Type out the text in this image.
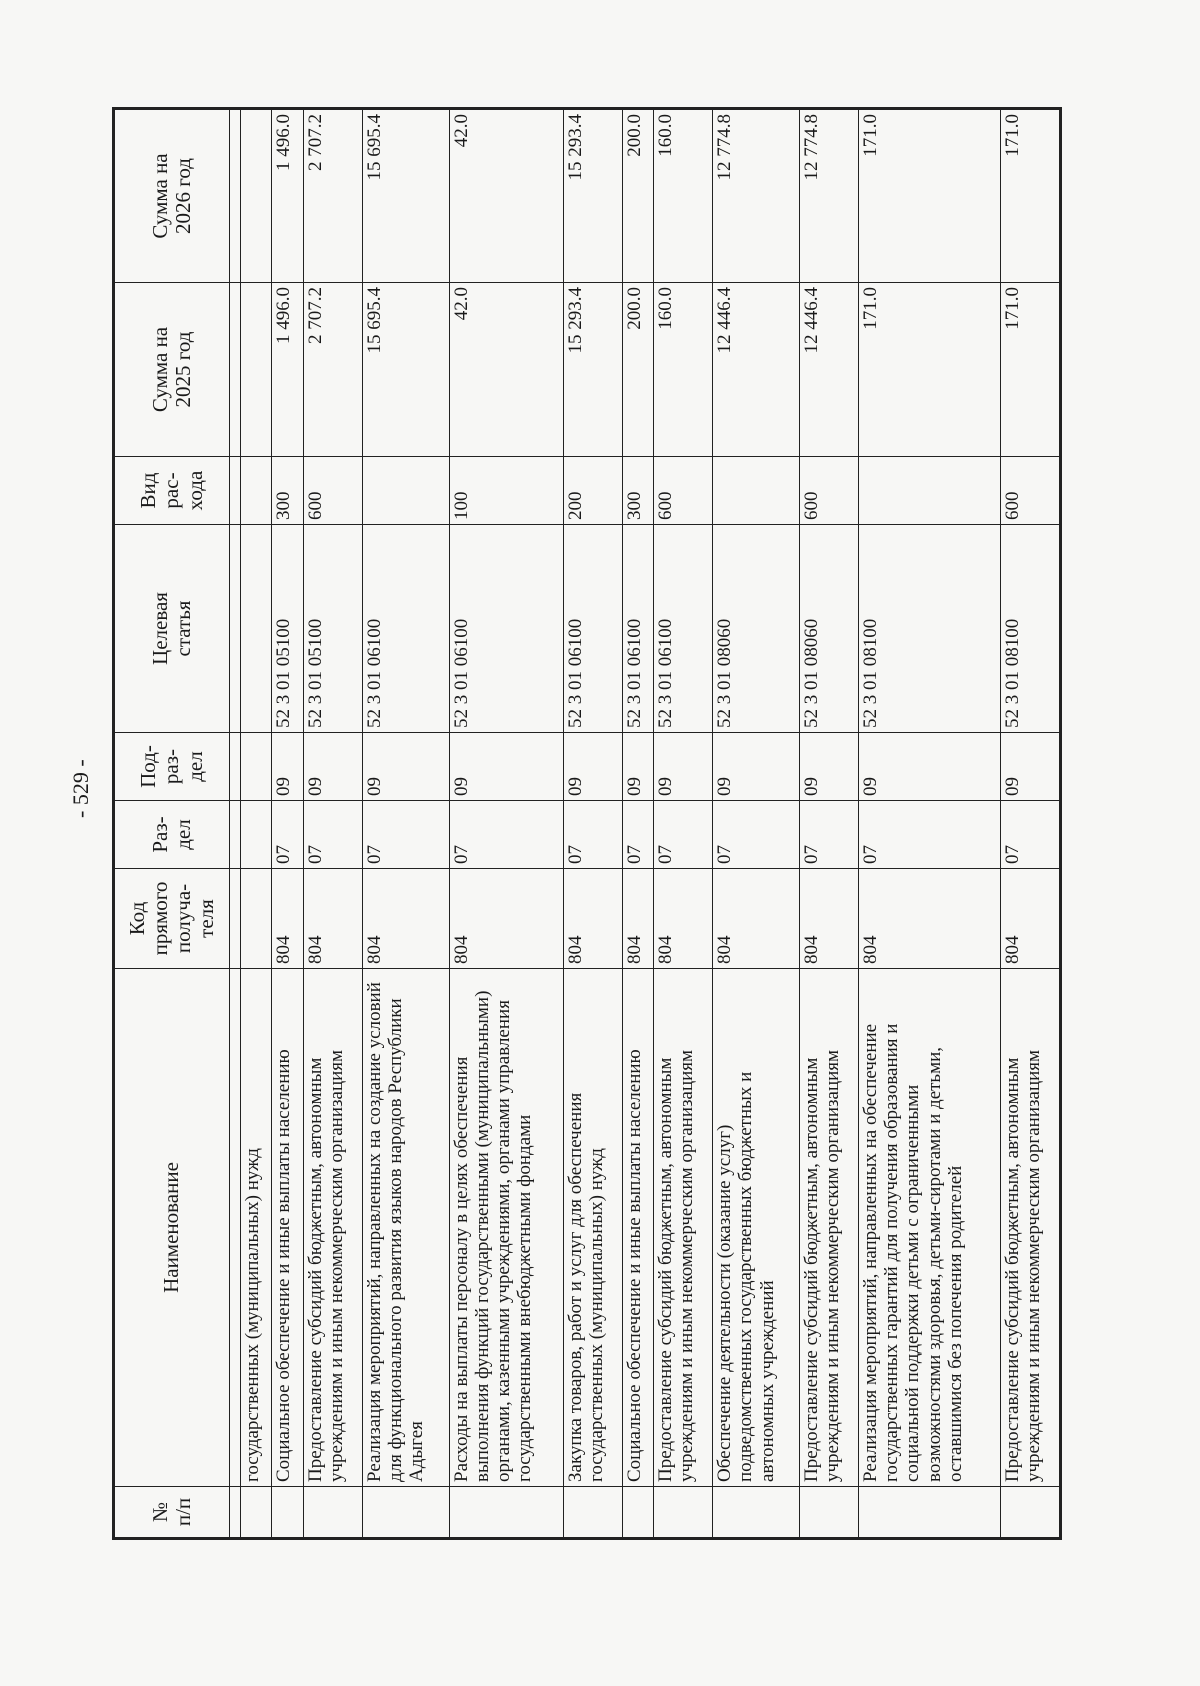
- 529 -
№
п/п	Наименование	Код
прямого
получа-
теля	Раз-
дел	Под-
раз-
дел	Целевая
статья	Вид
рас-
хода	Сумма на
2025 год	Сумма на
2026 год

	государственных (муниципальных) нужд							
	Социальное обеспечение и иные выплаты населению	804	07	09	52 3 01 05100	300	1 496.0	1 496.0
	Предоставление субсидий бюджетным, автономным учреждениям и иным некоммерческим организациям	804	07	09	52 3 01 05100	600	2 707.2	2 707.2
	Реализация мероприятий, направленных на создание условий для функционального развития языков народов Республики Адыгея	804	07	09	52 3 01 06100		15 695.4	15 695.4
	Расходы на выплаты персоналу в целях обеспечения выполнения функций государственными (муниципальными) органами, казенными учреждениями, органами управления государственными внебюджетными фондами	804	07	09	52 3 01 06100	100	42.0	42.0
	Закупка товаров, работ и услуг для обеспечения государственных (муниципальных) нужд	804	07	09	52 3 01 06100	200	15 293.4	15 293.4
	Социальное обеспечение и иные выплаты населению	804	07	09	52 3 01 06100	300	200.0	200.0
	Предоставление субсидий бюджетным, автономным учреждениям и иным некоммерческим организациям	804	07	09	52 3 01 06100	600	160.0	160.0
	Обеспечение деятельности (оказание услуг) подведомственных государственных бюджетных и автономных учреждений	804	07	09	52 3 01 08060		12 446.4	12 774.8
	Предоставление субсидий бюджетным, автономным учреждениям и иным некоммерческим организациям	804	07	09	52 3 01 08060	600	12 446.4	12 774.8
	Реализация мероприятий, направленных на обеспечение государственных гарантий для получения образования и социальной поддержки детьми с ограниченными возможностями здоровья, детьми-сиротами и детьми, оставшимися без попечения родителей	804	07	09	52 3 01 08100		171.0	171.0
	Предоставление субсидий бюджетным, автономным учреждениям и иным некоммерческим организациям	804	07	09	52 3 01 08100	600	171.0	171.0
